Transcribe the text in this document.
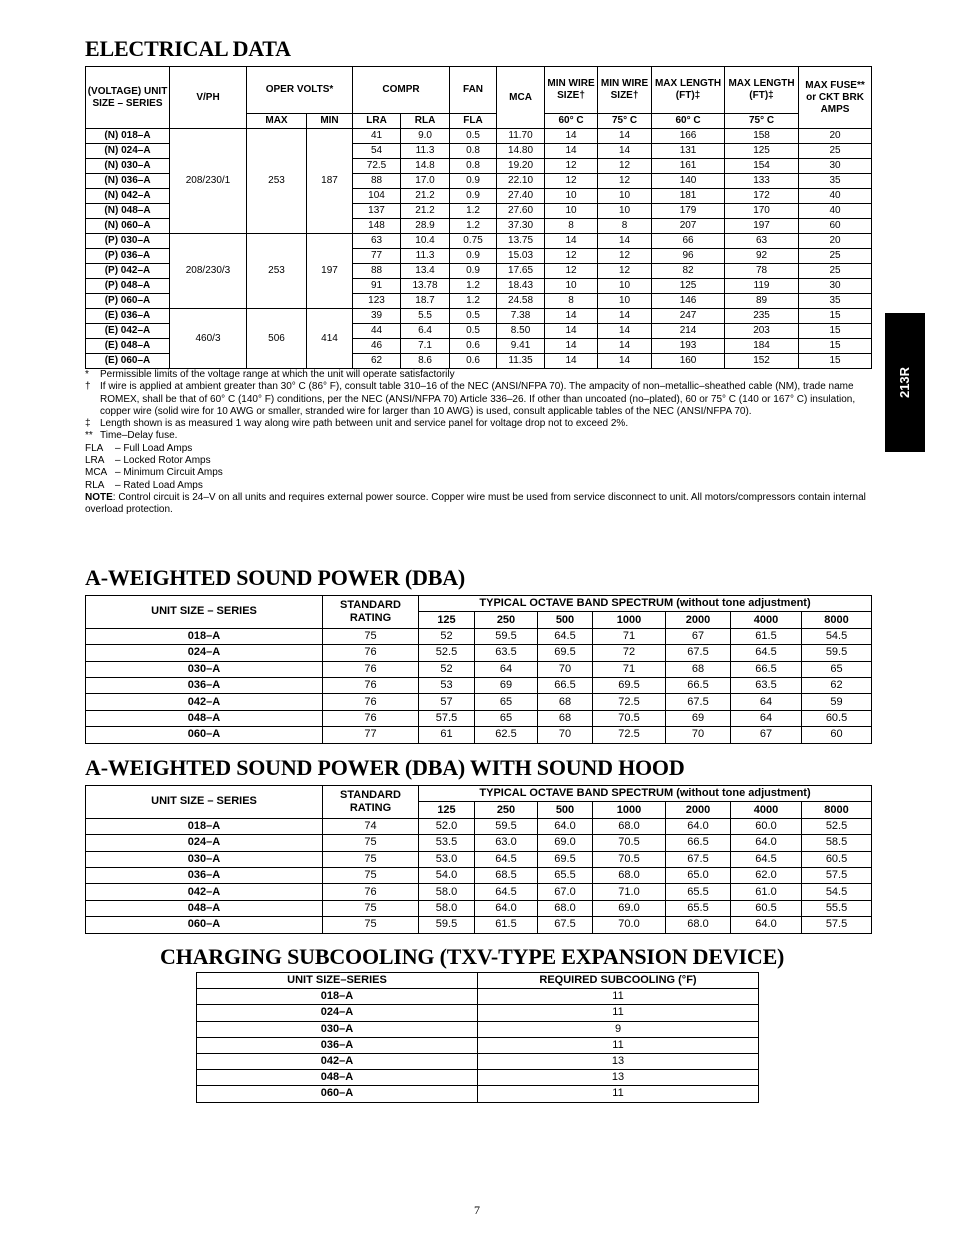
ELECTRICAL DATA
(VOLTAGE) UNIT SIZE – SERIES	V/PH	OPER VOLTS*		COMPR		FAN	MCA	MIN WIRE SIZE†	MIN WIRE SIZE†	MAX LENGTH (FT)‡	MAX LENGTH (FT)‡	MAX FUSE** or CKT BRK AMPS
		MAX	MIN	LRA	RLA	FLA		60° C	75° C	60° C	75° C	
(N) 018–A	208/230/1	253	187	41	9.0	0.5	11.70	14	14	166	158	20
(N) 024–A				54	11.3	0.8	14.80	14	14	131	125	25
(N) 030–A				72.5	14.8	0.8	19.20	12	12	161	154	30
(N) 036–A				88	17.0	0.9	22.10	12	12	140	133	35
(N) 042–A				104	21.2	0.9	27.40	10	10	181	172	40
(N) 048–A				137	21.2	1.2	27.60	10	10	179	170	40
(N) 060–A				148	28.9	1.2	37.30	8	8	207	197	60
(P) 030–A	208/230/3	253	197	63	10.4	0.75	13.75	14	14	66	63	20
(P) 036–A				77	11.3	0.9	15.03	12	12	96	92	25
(P) 042–A				88	13.4	0.9	17.65	12	12	82	78	25
(P) 048–A				91	13.78	1.2	18.43	10	10	125	119	30
(P) 060–A				123	18.7	1.2	24.58	8	10	146	89	35
(E) 036–A	460/3	506	414	39	5.5	0.5	7.38	14	14	247	235	15
(E) 042–A				44	6.4	0.5	8.50	14	14	214	203	15
(E) 048–A				46	7.1	0.6	9.41	14	14	193	184	15
(E) 060–A				62	8.6	0.6	11.35	14	14	160	152	15
*	Permissible limits of the voltage range at which the unit will operate satisfactorily
† If wire is applied at ambient greater than 30° C (86° F), consult table 310–16 of the NEC (ANSI/NFPA 70). The ampacity of non–metallic–sheathed cable (NM), trade name ROMEX, shall be that of 60° C (140° F) conditions, per the NEC (ANSI/NFPA 70) Article 336–26. If other than uncoated (no–plated), 60 or 75° C (140 or 167° C) insulation, copper wire (solid wire for 10 AWG or smaller, stranded wire for larger than 10 AWG) is used, consult applicable tables of the NEC (ANSI/NFPA 70).
‡ Length shown is as measured 1 way along wire path between unit and service panel for voltage drop not to exceed 2%.
** Time–Delay fuse.
FLA	– Full Load Amps
LRA	– Locked Rotor Amps
MCA – Minimum Circuit Amps
RLA	– Rated Load Amps
NOTE: Control circuit is 24–V on all units and requires external power source. Copper wire must be used from service disconnect to unit. All motors/compressors contain internal overload protection.
A-WEIGHTED SOUND POWER (DBA)
UNIT SIZE – SERIES	STANDARD RATING	TYPICAL OCTAVE BAND SPECTRUM (without tone adjustment)						
		125	250	500	1000	2000	4000	8000
018–A	75	52	59.5	64.5	71	67	61.5	54.5
024–A	76	52.5	63.5	69.5	72	67.5	64.5	59.5
030–A	76	52	64	70	71	68	66.5	65
036–A	76	53	69	66.5	69.5	66.5	63.5	62
042–A	76	57	65	68	72.5	67.5	64	59
048–A	76	57.5	65	68	70.5	69	64	60.5
060–A	77	61	62.5	70	72.5	70	67	60
A-WEIGHTED SOUND POWER (DBA) WITH SOUND HOOD
UNIT SIZE – SERIES	STANDARD RATING	TYPICAL OCTAVE BAND SPECTRUM (without tone adjustment)						
		125	250	500	1000	2000	4000	8000
018–A	74	52.0	59.5	64.0	68.0	64.0	60.0	52.5
024–A	75	53.5	63.0	69.0	70.5	66.5	64.0	58.5
030–A	75	53.0	64.5	69.5	70.5	67.5	64.5	60.5
036–A	75	54.0	68.5	65.5	68.0	65.0	62.0	57.5
042–A	76	58.0	64.5	67.0	71.0	65.5	61.0	54.5
048–A	75	58.0	64.0	68.0	69.0	65.5	60.5	55.5
060–A	75	59.5	61.5	67.5	70.0	68.0	64.0	57.5
CHARGING SUBCOOLING (TXV-TYPE EXPANSION DEVICE)
UNIT SIZE–SERIES	REQUIRED SUBCOOLING (°F)
018–A	11
024–A	11
030–A	9
036–A	11
042–A	13
048–A	13
060–A	11
213R
7
